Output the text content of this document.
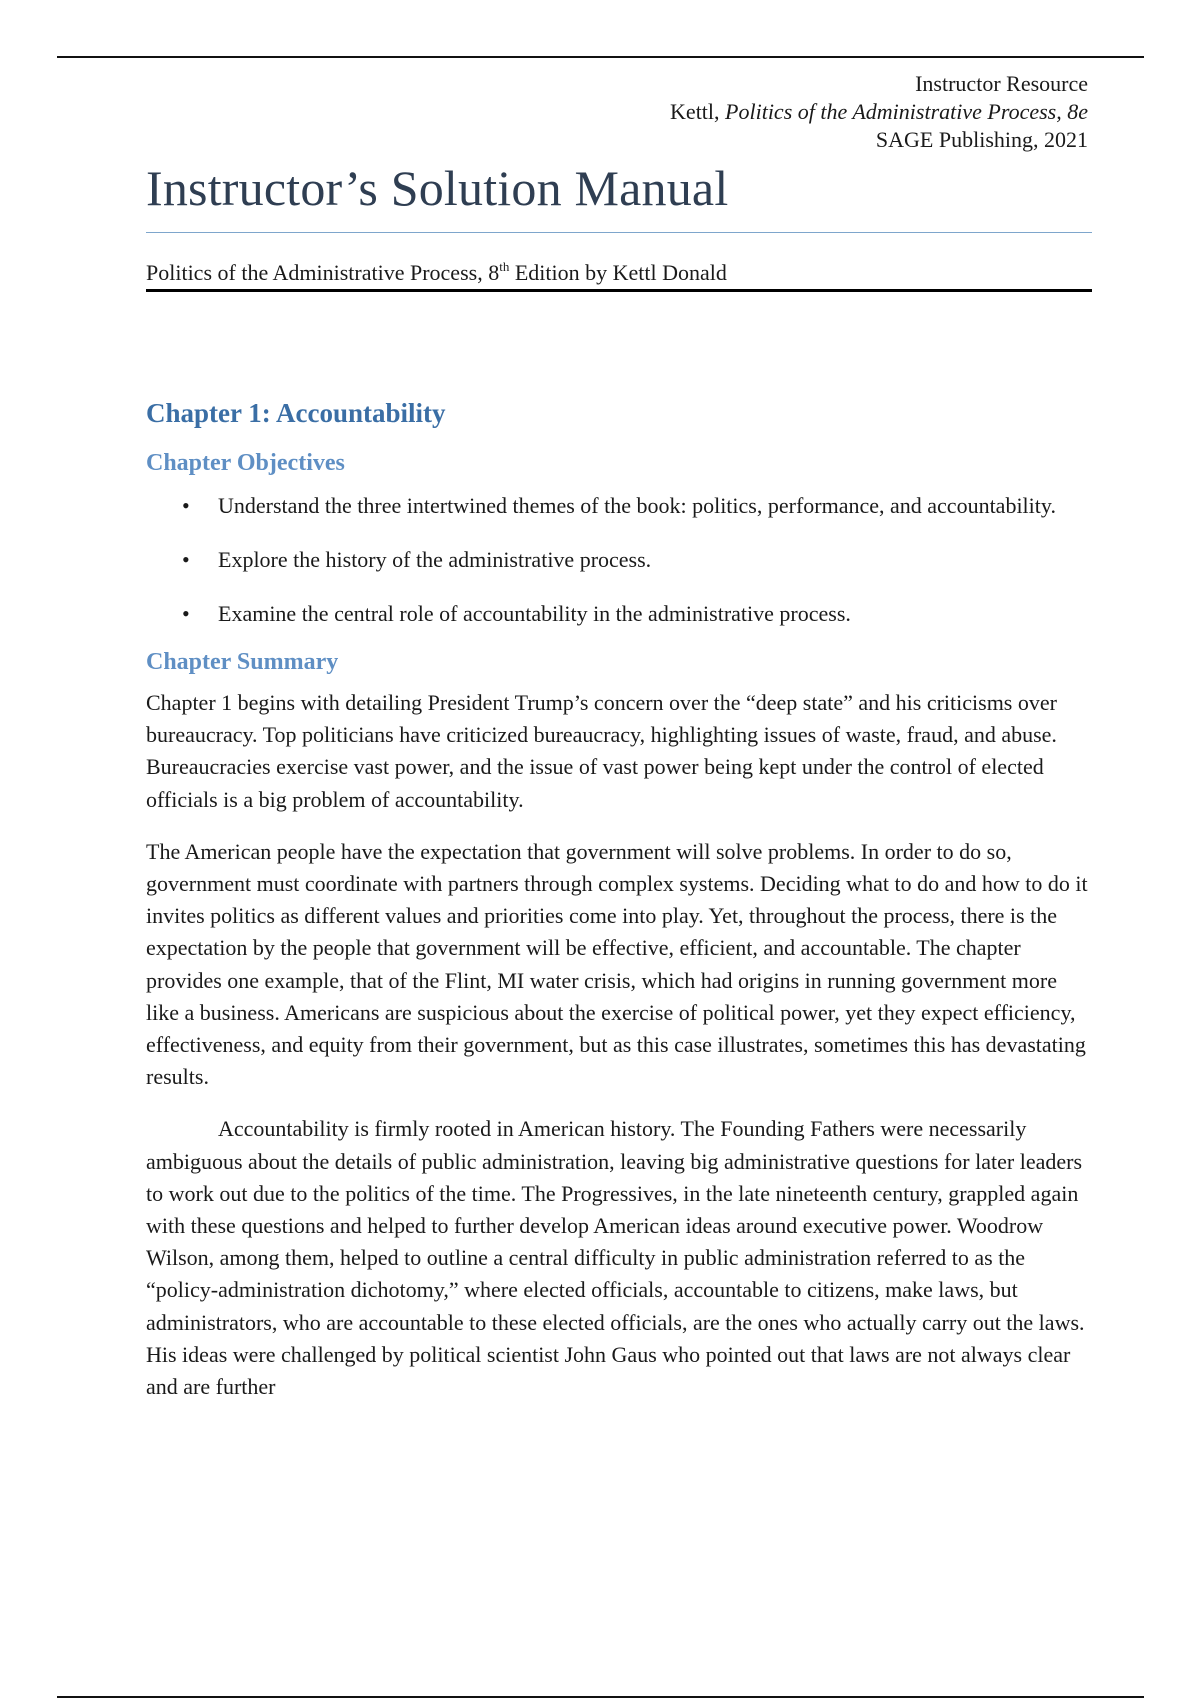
Instructor Resource
Kettl, Politics of the Administrative Process, 8e
SAGE Publishing, 2021
Instructor’s Solution Manual
Politics of the Administrative Process, 8th Edition by Kettl Donald
Chapter 1: Accountability
Chapter Objectives
• Understand the three intertwined themes of the book: politics, performance, and accountability.
• Explore the history of the administrative process.
• Examine the central role of accountability in the administrative process.
Chapter Summary

Chapter 1 begins with detailing President Trump’s concern over the “deep state” and his criticisms over bureaucracy. Top politicians have criticized bureaucracy, highlighting issues of waste, fraud, and abuse. Bureaucracies exercise vast power, and the issue of vast power being kept under the control of elected officials is a big problem of accountability.

The American people have the expectation that government will solve problems. In order to do so, government must coordinate with partners through complex systems. Deciding what to do and how to do it invites politics as different values and priorities come into play. Yet, throughout the process, there is the expectation by the people that government will be effective, efficient, and accountable. The chapter provides one example, that of the Flint, MI water crisis, which had origins in running government more like a business. Americans are suspicious about the exercise of political power, yet they expect efficiency, effectiveness, and equity from their government, but as this case illustrates, sometimes this has devastating results.

Accountability is firmly rooted in American history. The Founding Fathers were necessarily ambiguous about the details of public administration, leaving big administrative questions for later leaders to work out due to the politics of the time. The Progressives, in the late nineteenth century, grappled again with these questions and helped to further develop American ideas around executive power. Woodrow Wilson, among them, helped to outline a central difficulty in public administration referred to as the “policy-administration dichotomy,” where elected officials, accountable to citizens, make laws, but administrators, who are accountable to these elected officials, are the ones who actually carry out the laws. His ideas were challenged by political scientist John Gaus who pointed out that laws are not always clear and are further
